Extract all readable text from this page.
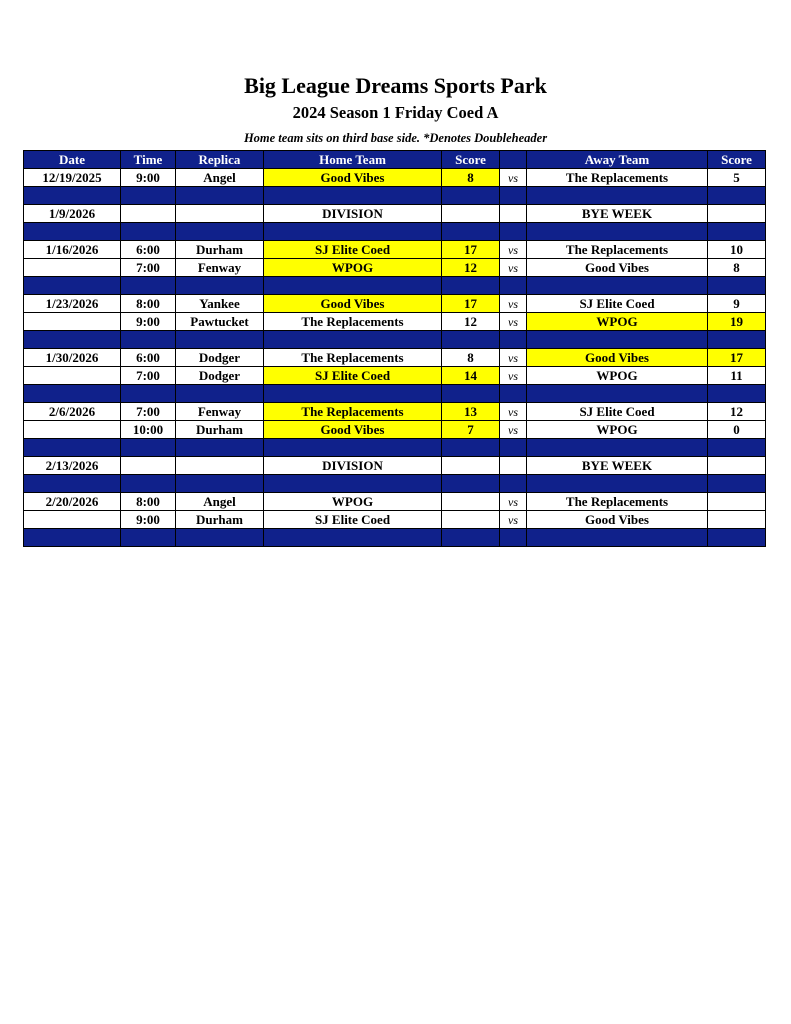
Big League Dreams Sports Park
2024 Season 1 Friday Coed A
Home team sits on third base side. *Denotes Doubleheader
Date	Time	Replica	Home Team	Score		Away Team	Score
12/19/2025	9:00	Angel	Good Vibes	8	vs	The Replacements	5

1/9/2026			DIVISION			BYE WEEK	

1/16/2026	6:00	Durham	SJ Elite Coed	17	vs	The Replacements	10
	7:00	Fenway	WPOG	12	vs	Good Vibes	8

1/23/2026	8:00	Yankee	Good Vibes	17	vs	SJ Elite Coed	9
	9:00	Pawtucket	The Replacements	12	vs	WPOG	19

1/30/2026	6:00	Dodger	The Replacements	8	vs	Good Vibes	17
	7:00	Dodger	SJ Elite Coed	14	vs	WPOG	11

2/6/2026	7:00	Fenway	The Replacements	13	vs	SJ Elite Coed	12
	10:00	Durham	Good Vibes	7	vs	WPOG	0

2/13/2026			DIVISION			BYE WEEK	

2/20/2026	8:00	Angel	WPOG		vs	The Replacements	
	9:00	Durham	SJ Elite Coed		vs	Good Vibes	
